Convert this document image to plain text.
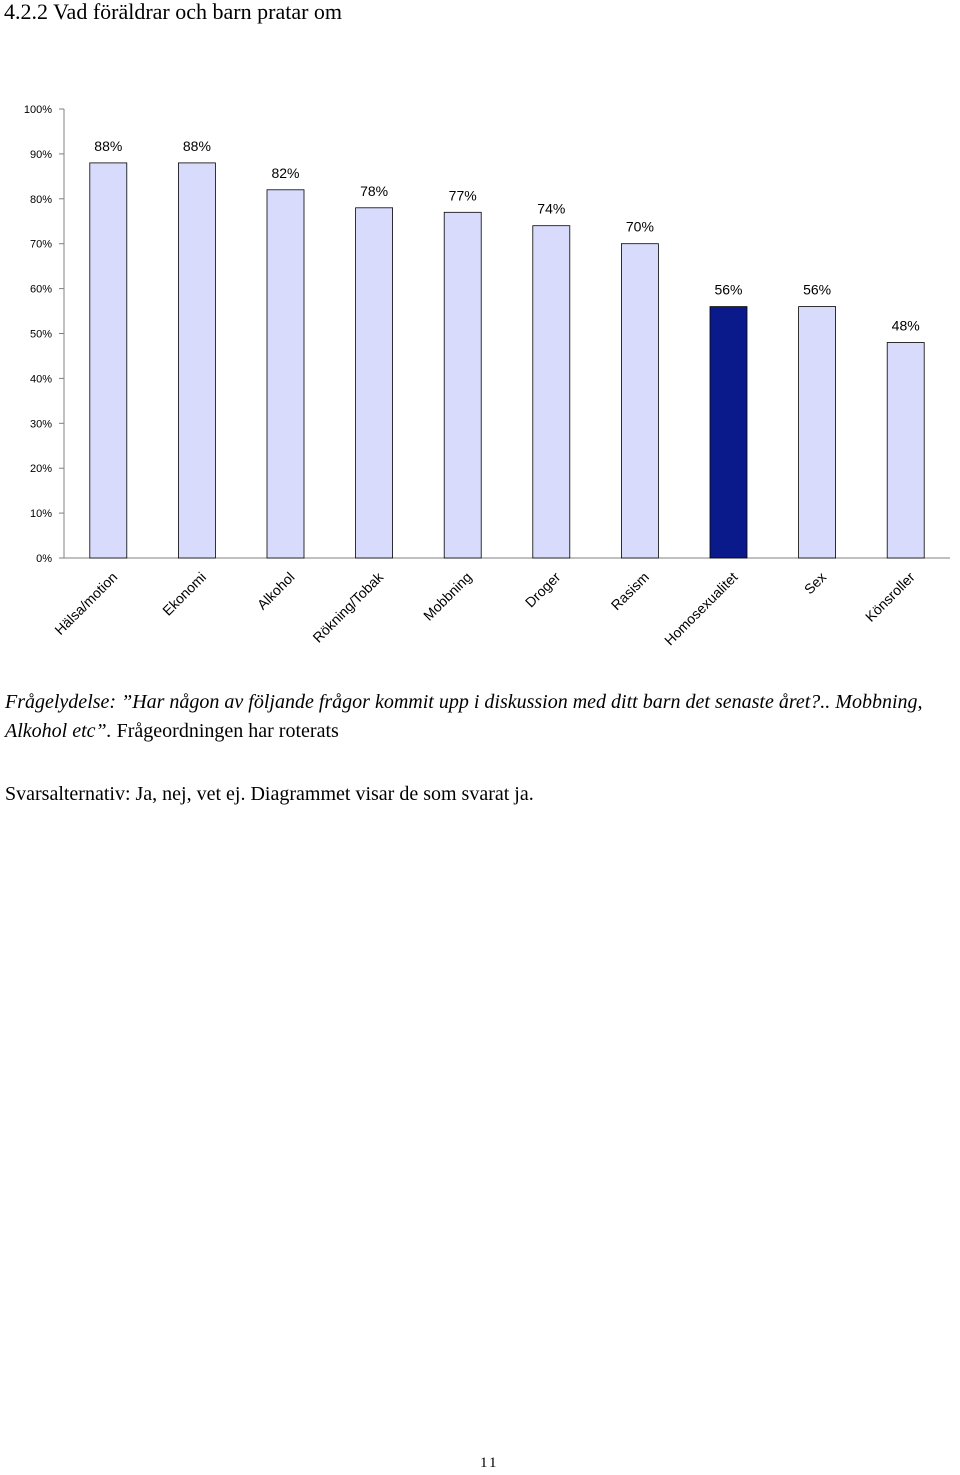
4.2.2 Vad föräldrar och barn pratar om
0%
10%
20%
30%
40%
50%
60%
70%
80%
90%
100%
88%	88%
82%
78%	77%
74%
70%
56%	56%
48%
Hälsa/motion	Ekonomi	Alkohol Rökning/Tobak Mobbning	Droger	Rasism Homosexualitet	Sex Könsroller
Frågelydelse: ”Har någon av följande frågor kommit upp i diskussion med ditt barn det senaste året?.. Mobbning, Alkohol etc”. Frågeordningen har roterats
Svarsalternativ: Ja, nej, vet ej. Diagrammet visar de som svarat ja.
11
